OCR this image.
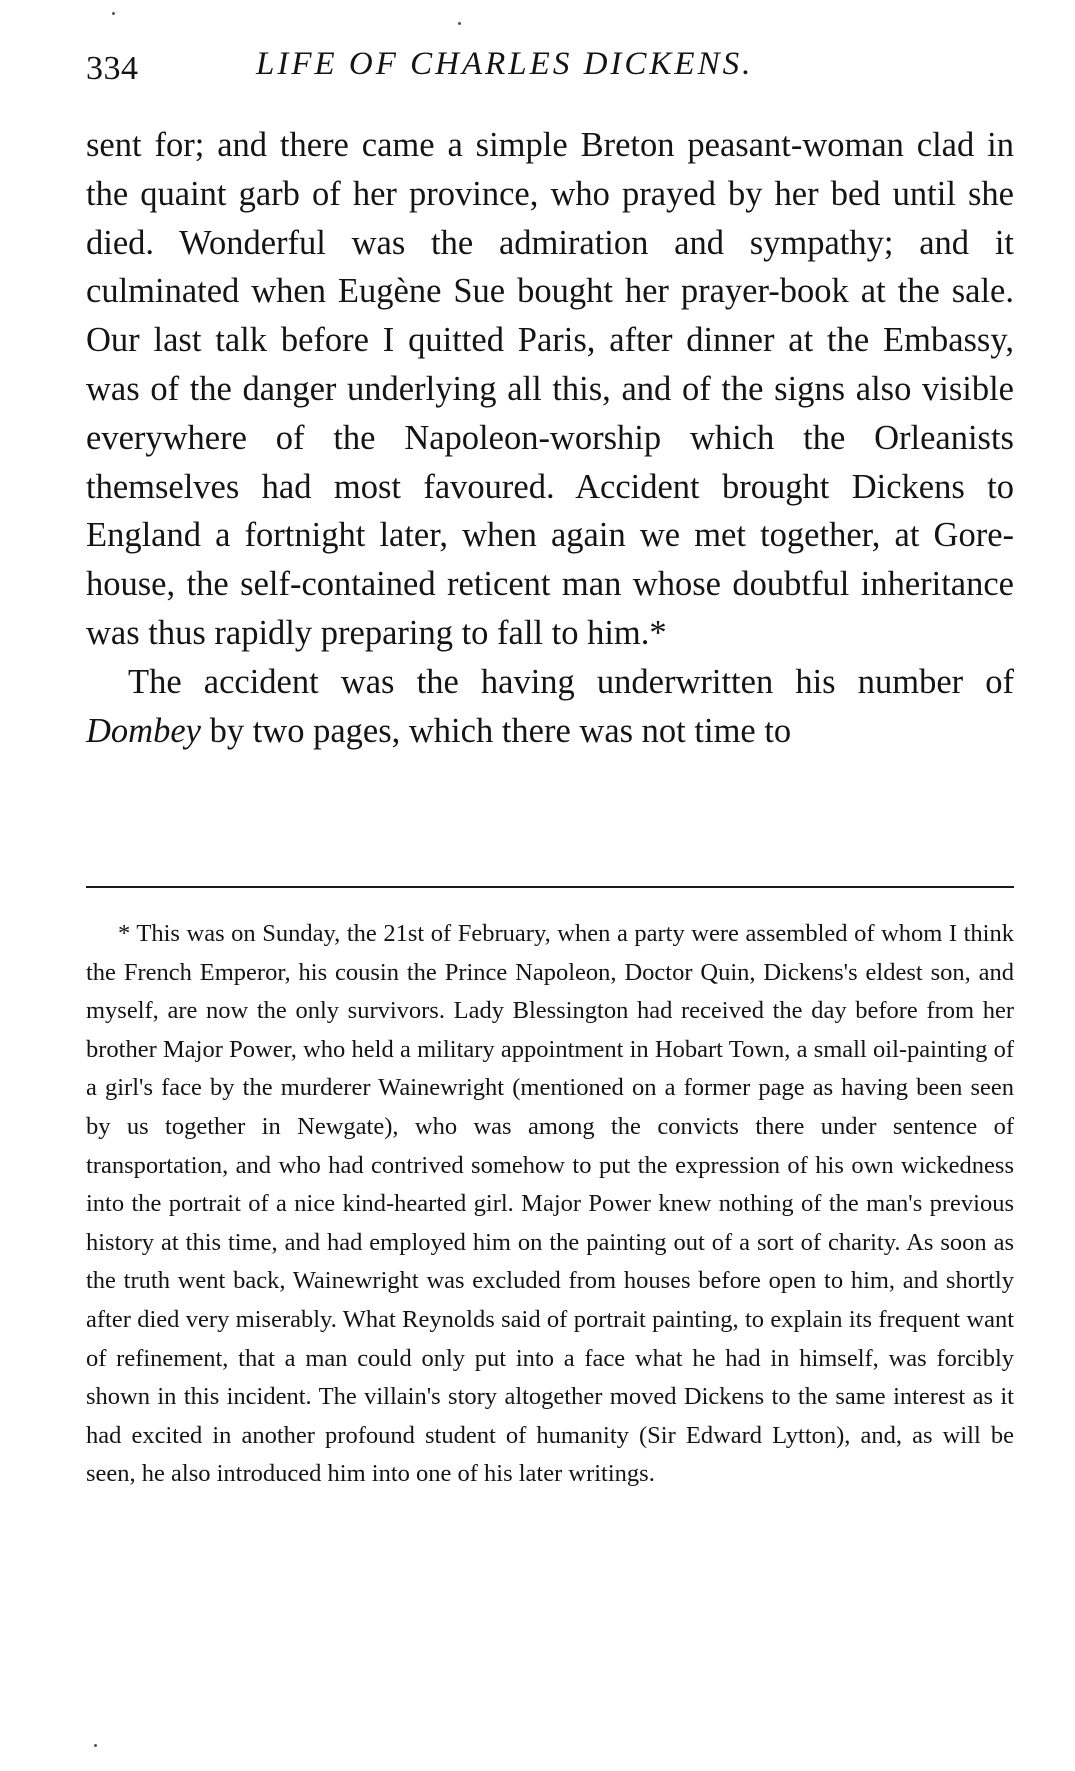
334	LIFE OF CHARLES DICKENS.

sent for; and there came a simple Breton peasant-woman clad in the quaint garb of her province, who prayed by her bed until she died. Wonderful was the admiration and sympathy; and it culminated when Eugène Sue bought her prayer-book at the sale. Our last talk before I quitted Paris, after dinner at the Embassy, was of the danger underlying all this, and of the signs also visible everywhere of the Napoleon-worship which the Orleanists themselves had most favoured. Accident brought Dickens to England a fortnight later, when again we met together, at Gore-house, the self-contained reticent man whose doubtful inheritance was thus rapidly preparing to fall to him.*

The accident was the having underwritten his number of Dombey by two pages, which there was not time to

* This was on Sunday, the 21st of February, when a party were assembled of whom I think the French Emperor, his cousin the Prince Napoleon, Doctor Quin, Dickens's eldest son, and myself, are now the only survivors. Lady Blessington had received the day before from her brother Major Power, who held a military appointment in Hobart Town, a small oil-painting of a girl's face by the murderer Wainewright (mentioned on a former page as having been seen by us together in Newgate), who was among the convicts there under sentence of transportation, and who had contrived somehow to put the expression of his own wickedness into the portrait of a nice kind-hearted girl. Major Power knew nothing of the man's previous history at this time, and had employed him on the painting out of a sort of charity. As soon as the truth went back, Wainewright was excluded from houses before open to him, and shortly after died very miserably. What Reynolds said of portrait painting, to explain its frequent want of refinement, that a man could only put into a face what he had in himself, was forcibly shown in this incident. The villain's story altogether moved Dickens to the same interest as it had excited in another profound student of humanity (Sir Edward Lytton), and, as will be seen, he also introduced him into one of his later writings.
